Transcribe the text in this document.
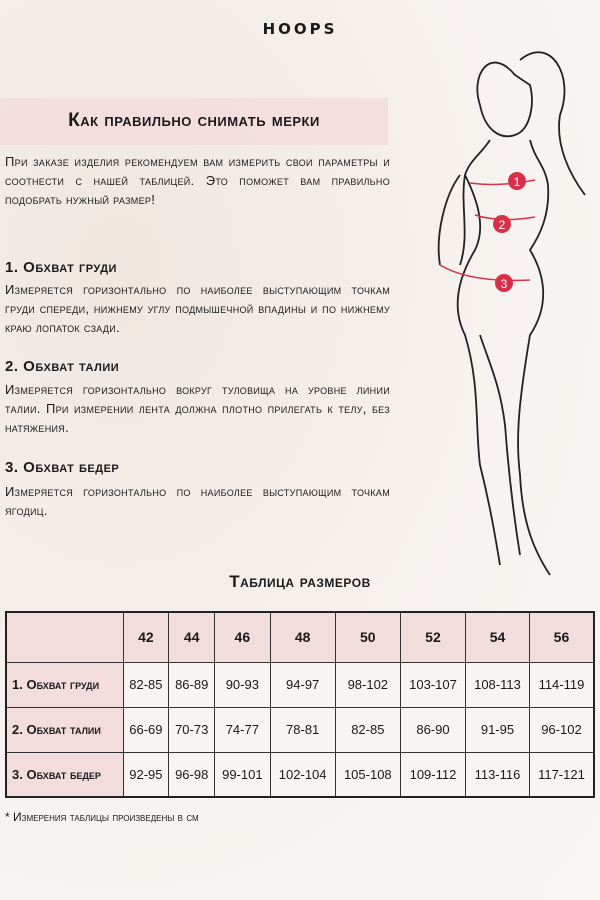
HOOPS
Как правильно снимать мерки
При заказе изделия рекомендуем вам измерить свои параметры и соотнести с нашей таблицей. Это поможет вам правильно подобрать нужный размер!
1. Обхват груди
Измеряется горизонтально по наиболее выступающим точкам груди спереди, нижнему углу подмышечной впадины и по нижнему краю лопаток сзади.
2. Обхват талии
Измеряется горизонтально вокруг туловища на уровне линии талии. При измерении лента должна плотно прилегать к телу, без натяжения.
3. Обхват бедер
Измеряется горизонтально по наиболее выступающим точкам ягодиц.
1
2
3
Таблица размеров
	42	44	46	48	50	52	54	56
1. Обхват груди	82-85	86-89	90-93	94-97	98-102	103-107	108-113	114-119
2. Обхват талии	66-69	70-73	74-77	78-81	82-85	86-90	91-95	96-102
3. Обхват бедер	92-95	96-98	99-101	102-104	105-108	109-112	113-116	117-121
* Измерения таблицы произведены в см
